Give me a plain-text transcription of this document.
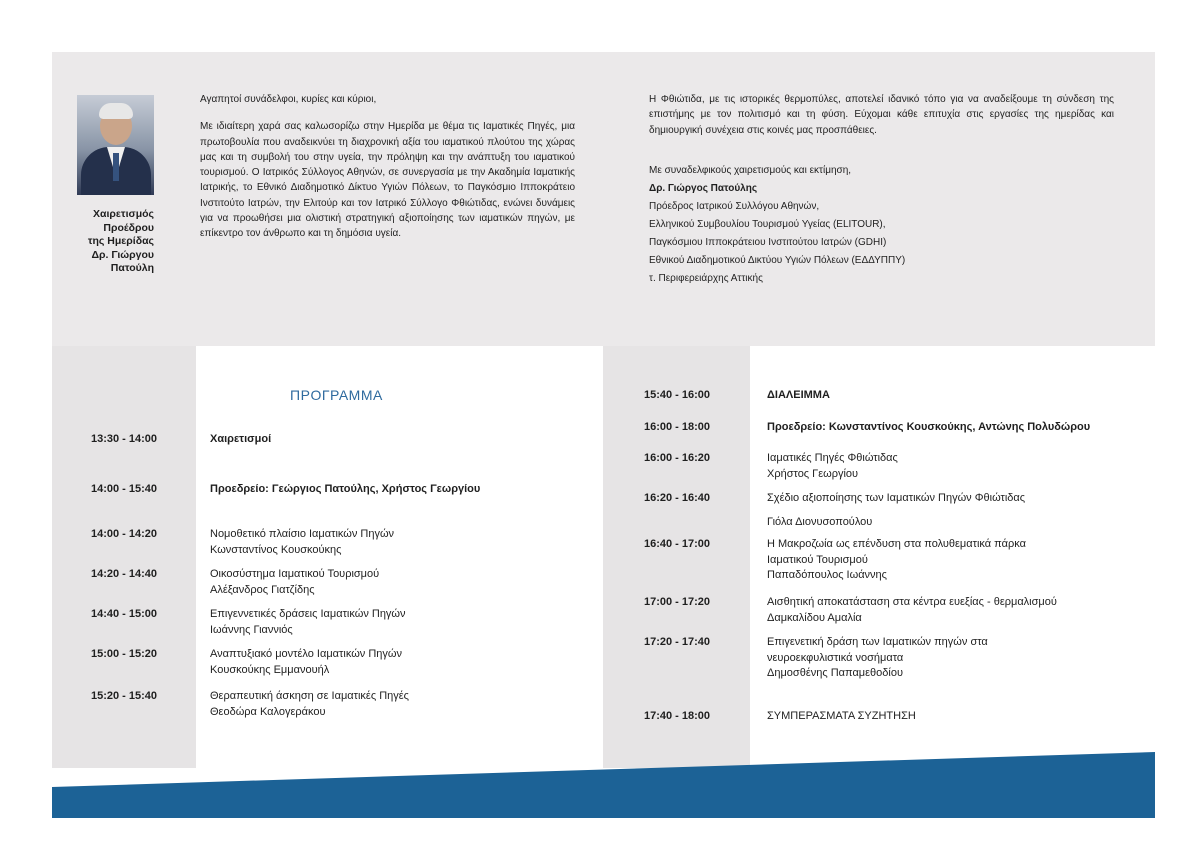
Χαιρετισμός
Προέδρου
της Ημερίδας
Δρ. Γιώργου
Πατούλη

Αγαπητοί συνάδελφοι, κυρίες και κύριοι,

Με ιδιαίτερη χαρά σας καλωσορίζω στην Ημερίδα με θέμα τις Ιαματικές Πηγές, μια πρωτοβουλία που αναδεικνύει τη διαχρονική αξία του ιαματικού πλούτου της χώρας μας και τη συμβολή του στην υγεία, την πρόληψη και την ανάπτυξη του ιαματικού τουρισμού. Ο Ιατρικός Σύλλογος Αθηνών, σε συνεργασία με την Ακαδημία Ιαματικής Ιατρικής, το Εθνικό Διαδημοτικό Δίκτυο Υγιών Πόλεων, το Παγκόσμιο Ιπποκράτειο Ινστιτούτο Ιατρών, την Ελιτούρ και τον Ιατρικό Σύλλογο Φθιώτιδας, ενώνει δυνάμεις για να προωθήσει μια ολιστική στρατηγική αξιοποίησης των ιαματικών πηγών, με επίκεντρο τον άνθρωπο και τη δημόσια υγεία.

Η Φθιώτιδα, με τις ιστορικές θερμοπύλες, αποτελεί ιδανικό τόπο για να αναδείξουμε τη σύνδεση της επιστήμης με τον πολιτισμό και τη φύση. Εύχομαι κάθε επιτυχία στις εργασίες της ημερίδας και δημιουργική συνέχεια στις κοινές μας προσπάθειες.

Με συναδελφικούς χαιρετισμούς και εκτίμηση,
Δρ. Γιώργος Πατούλης
Πρόεδρος Ιατρικού Συλλόγου Αθηνών,
Ελληνικού Συμβουλίου Τουρισμού Υγείας (ELITOUR),
Παγκόσμιου Ιπποκράτειου Ινστιτούτου Ιατρών (GDHI)
Εθνικού Διαδημοτικού Δικτύου Υγιών Πόλεων (ΕΔΔΥΠΠΥ)
τ. Περιφερειάρχης Αττικής
ΠΡΟΓΡΑΜΜΑ
13:30 - 14:00	Χαιρετισμοί
14:00 - 15:40	Προεδρείο: Γεώργιος Πατούλης, Χρήστος Γεωργίου
14:00 - 14:20	Νομοθετικό πλαίσιο Ιαματικών Πηγών
Κωνσταντίνος Κουσκούκης
14:20 - 14:40	Οικοσύστημα Ιαματικού Τουρισμού
Αλέξανδρος Γιατζίδης
14:40 - 15:00	Επιγεννετικές δράσεις Ιαματικών Πηγών
Ιωάννης Γιαννιός
15:00 - 15:20	Αναπτυξιακό μοντέλο Ιαματικών Πηγών
Κουσκούκης Εμμανουήλ
15:20 - 15:40	Θεραπευτική άσκηση σε Ιαματικές Πηγές
Θεοδώρα Καλογεράκου
15:40 - 16:00	ΔΙΑΛΕΙΜΜΑ
16:00 - 18:00	Προεδρείο: Κωνσταντίνος Κουσκούκης, Αντώνης Πολυδώρου
16:00 - 16:20	Ιαματικές Πηγές Φθιώτιδας
Χρήστος Γεωργίου
16:20 - 16:40	Σχέδιο αξιοποίησης των Ιαματικών Πηγών Φθιώτιδας

Γιόλα Διονυσοπούλου
16:40 - 17:00	Η Μακροζωία ως επένδυση στα πολυθεματικά πάρκα
Ιαματικού Τουρισμού
Παπαδόπουλος Ιωάννης
17:00 - 17:20	Αισθητική αποκατάσταση στα κέντρα ευεξίας - θερμαλισμού
Δαμκαλίδου Αμαλία
17:20 - 17:40	Επιγενετική δράση των Ιαματικών πηγών στα
νευροεκφυλιστικά νοσήματα
Δημοσθένης Παπαμεθοδίου
17:40 - 18:00	ΣΥΜΠΕΡΑΣΜΑΤΑ ΣΥΖΗΤΗΣΗ
